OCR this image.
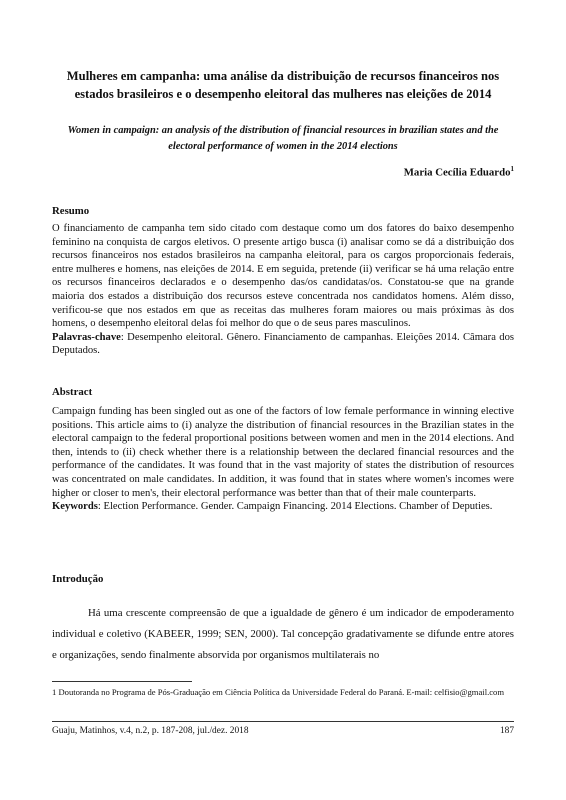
Mulheres em campanha: uma análise da distribuição de recursos financeiros nos estados brasileiros e o desempenho eleitoral das mulheres nas eleições de 2014
Women in campaign: an analysis of the distribution of financial resources in brazilian states and the electoral performance of women in the 2014 elections
Maria Cecília Eduardo$^1$
Resumo

O financiamento de campanha tem sido citado com destaque como um dos fatores do baixo desempenho feminino na conquista de cargos eletivos. O presente artigo busca (i) analisar como se dá a distribuição dos recursos financeiros nos estados brasileiros na campanha eleitoral, para os cargos proporcionais federais, entre mulheres e homens, nas eleições de 2014. E em seguida, pretende (ii) verificar se há uma relação entre os recursos financeiros declarados e o desempenho das/os candidatas/os. Constatou-se que na grande maioria dos estados a distribuição dos recursos esteve concentrada nos candidatos homens. Além disso, verificou-se que nos estados em que as receitas das mulheres foram maiores ou mais próximas às dos homens, o desempenho eleitoral delas foi melhor do que o de seus pares masculinos.

Palavras-chave: Desempenho eleitoral. Gênero. Financiamento de campanhas. Eleições 2014. Câmara dos Deputados.

Abstract

Campaign funding has been singled out as one of the factors of low female performance in winning elective positions. This article aims to (i) analyze the distribution of financial resources in the Brazilian states in the electoral campaign to the federal proportional positions between women and men in the 2014 elections. And then, intends to (ii) check whether there is a relationship between the declared financial resources and the performance of the candidates. It was found that in the vast majority of states the distribution of resources was concentrated on male candidates. In addition, it was found that in states where women's incomes were higher or closer to men's, their electoral performance was better than that of their male counterparts.

Keywords: Election Performance. Gender. Campaign Financing. 2014 Elections. Chamber of Deputies.

Introdução

Há uma crescente compreensão de que a igualdade de gênero é um indicador de empoderamento individual e coletivo (KABEER, 1999; SEN, 2000). Tal concepção gradativamente se difunde entre atores e organizações, sendo finalmente absorvida por organismos multilaterais no

1 Doutoranda no Programa de Pós-Graduação em Ciência Política da Universidade Federal do Paraná. E-mail: celfisio@gmail.com
Guaju, Matinhos, v.4, n.2, p. 187-208, jul./dez. 2018	187
